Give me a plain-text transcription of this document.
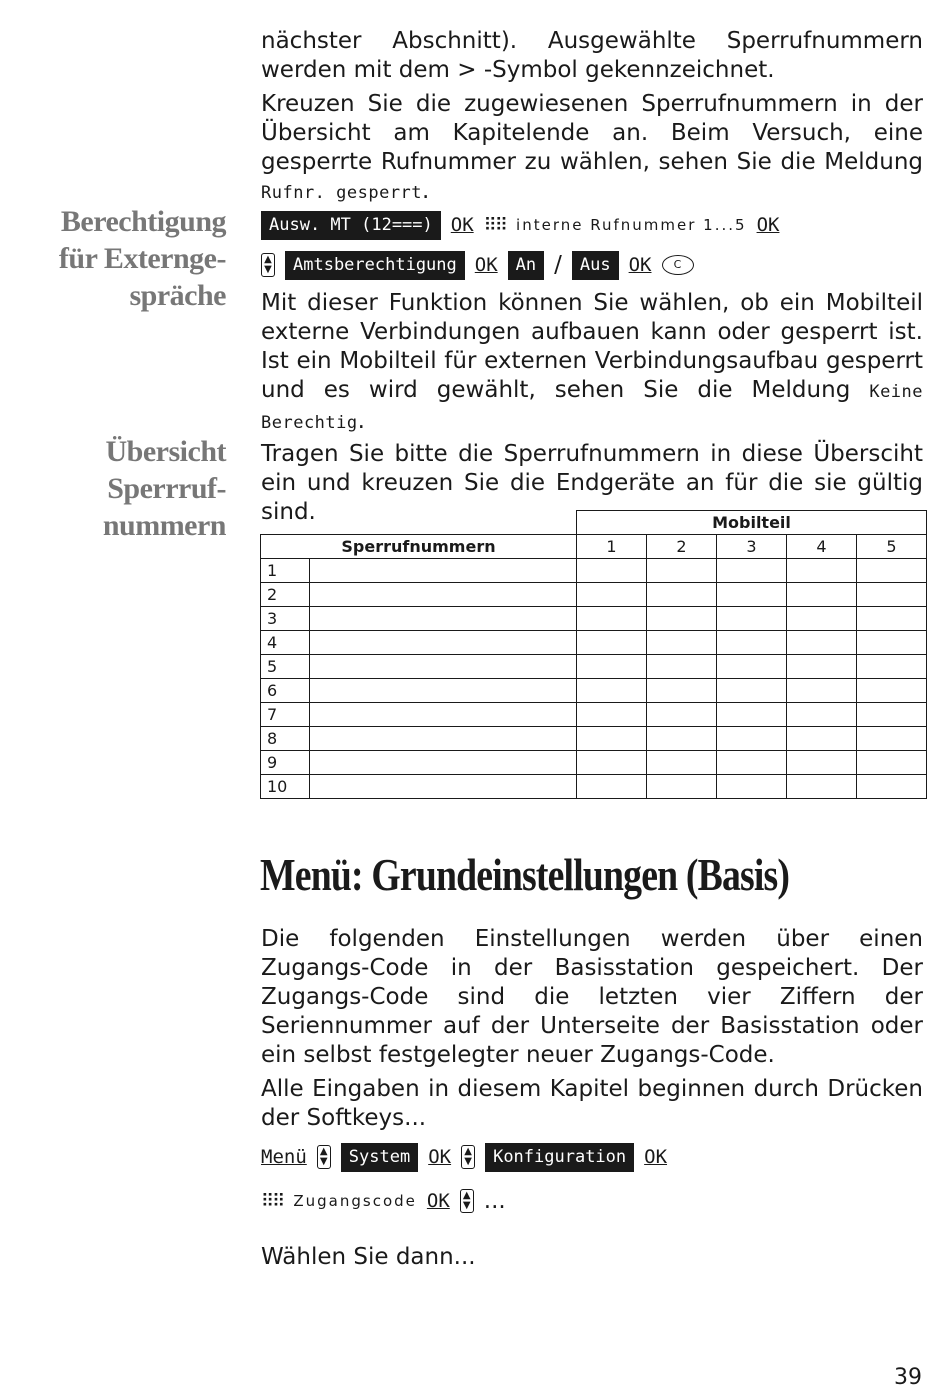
nächster Abschnitt). Ausgewählte Sperrufnummern werden mit dem > -Symbol gekennzeichnet.

Kreuzen Sie die zugewiesenen Sperrufnummern in der Übersicht am Kapitelende an. Beim Versuch, eine gesperrte Rufnummer zu wählen, sehen Sie die Meldung Rufnr. gesperrt.

Berechtigung
für Externge-
spräche
Ausw. MT (12===) OK ⠿⠿ interne Rufnummer 1...5 OK
▲
▼	Amtsberechtigung OK	An /	Aus OK	C

Mit dieser Funktion können Sie wählen, ob ein Mobilteil externe Verbindungen aufbauen kann oder gesperrt ist. Ist ein Mobilteil für externen Verbindungsaufbau gesperrt und es wird gewählt, sehen Sie die Meldung Keine Berechtig.

Übersicht
Sperrruf-
nummern

Tragen Sie bitte die Sperrufnummern in diese Übersciht ein und kreuzen Sie die Endgeräte an für die sie gültig sind.

		Mobilteil				
Sperrufnummern		1	2	3	4	5
1						
2						
3						
4						
5						
6						
7						
8						
9						
10						
Menü: Grundeinstellungen (Basis)

Die folgenden Einstellungen werden über einen Zugangs-Code in der Basisstation gespeichert. Der Zugangs-Code sind die letzten vier Ziffern der Seriennummer auf der Unterseite der Basisstation oder ein selbst festgelegter neuer Zugangs-Code.

Alle Eingaben in diesem Kapitel beginnen durch Drücken der Softkeys...

Menü	▲
▼	System OK	▲
▼	Konfiguration OK
⠿⠿ Zugangscode OK	▲
▼ ...

Wählen Sie dann...

39
